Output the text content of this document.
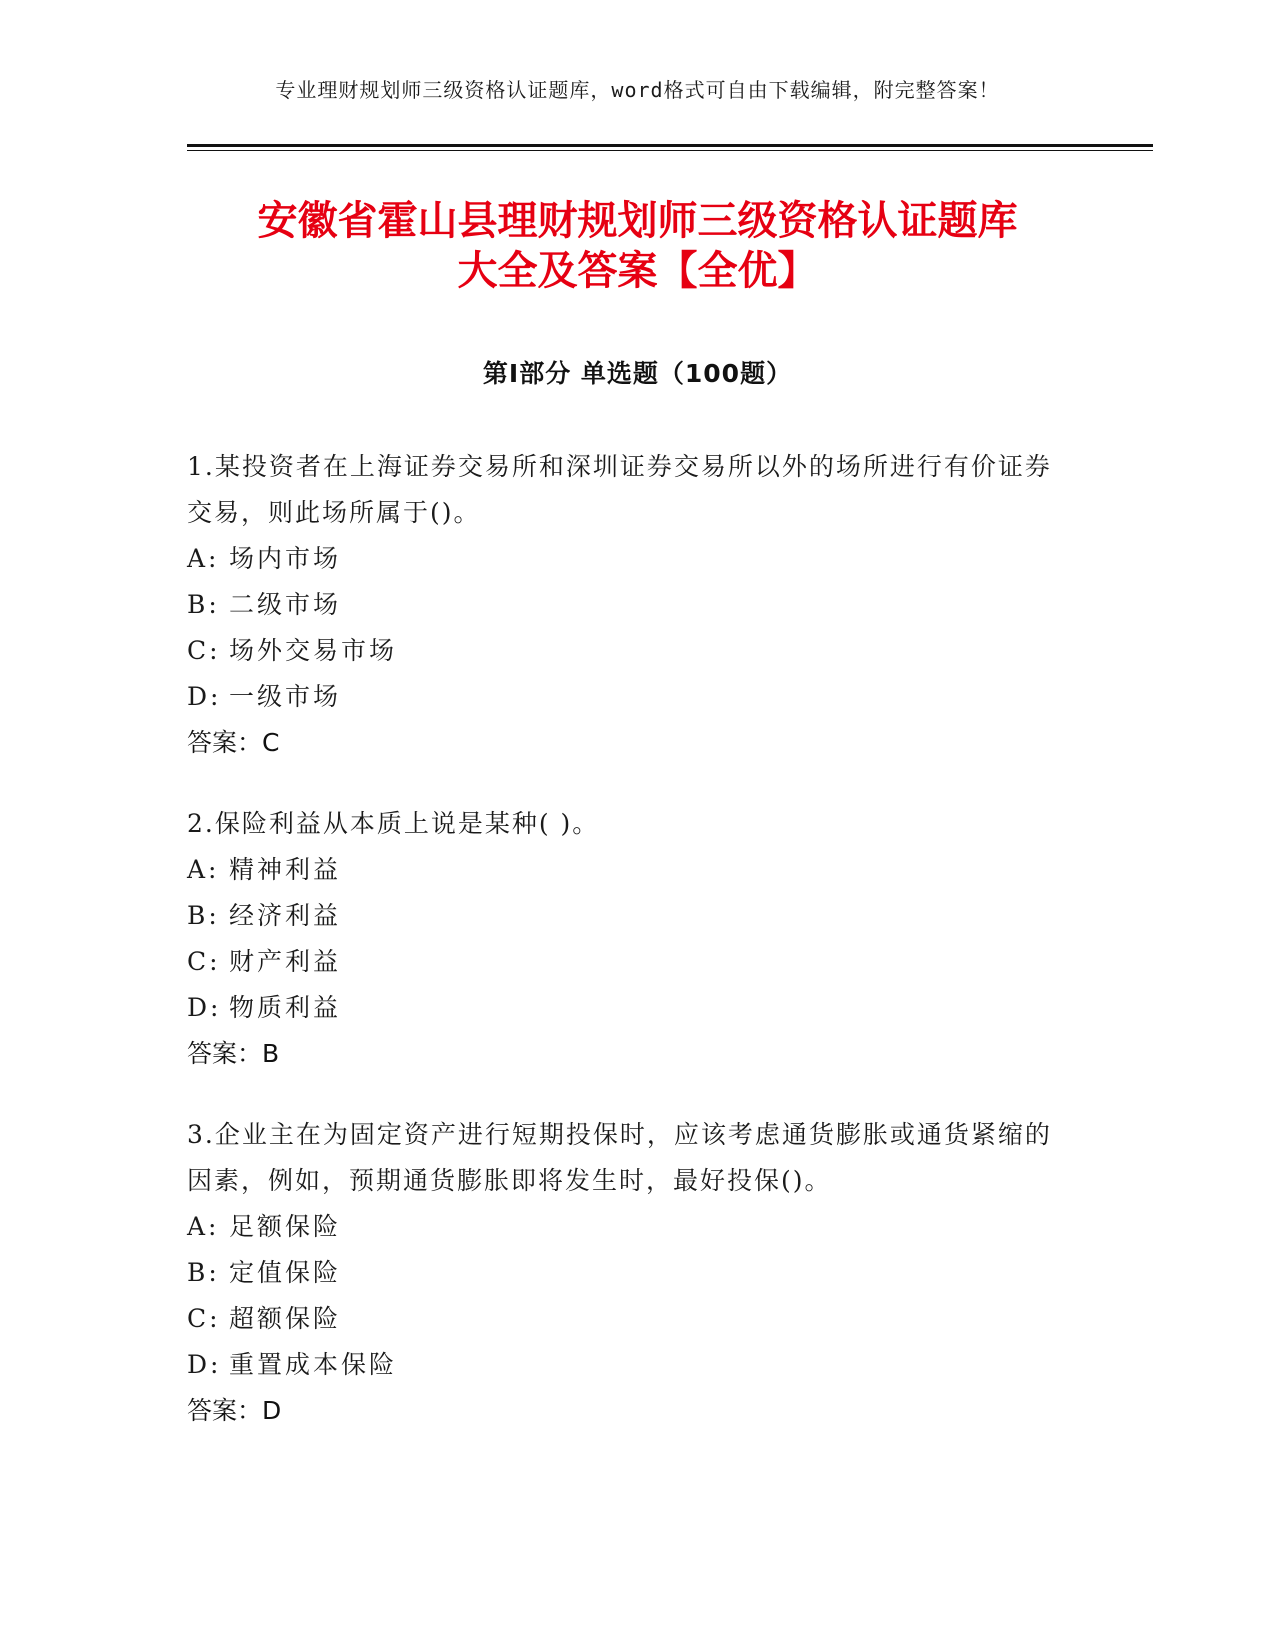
专业理财规划师三级资格认证题库，word格式可自由下载编辑，附完整答案！
安徽省霍山县理财规划师三级资格认证题库
大全及答案【全优】
第Ⅰ部分 单选题（100题）
1.某投资者在上海证券交易所和深圳证券交易所以外的场所进行有价证券交易，则此场所属于()。
A: 场内市场
B: 二级市场
C: 场外交易市场
D: 一级市场
答案：C
2.保险利益从本质上说是某种( )。
A: 精神利益
B: 经济利益
C: 财产利益
D: 物质利益
答案：B
3.企业主在为固定资产进行短期投保时，应该考虑通货膨胀或通货紧缩的因素，例如，预期通货膨胀即将发生时，最好投保()。
A: 足额保险
B: 定值保险
C: 超额保险
D: 重置成本保险
答案：D
